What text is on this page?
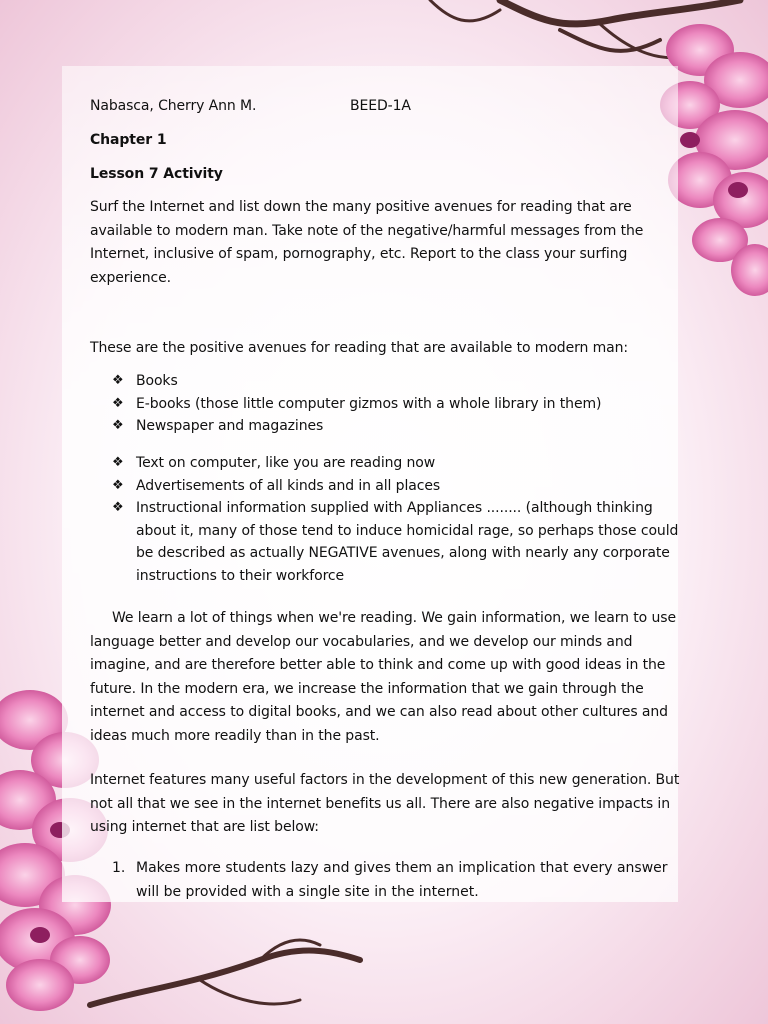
Nabasca, Cherry Ann M.	BEED-1A
Chapter 1
Lesson 7 Activity
Surf the Internet and list down the many positive avenues for reading that are available to modern man. Take note of the negative/harmful messages from the Internet, inclusive of spam, pornography, etc. Report to the class your surfing experience.
These are the positive avenues for reading that are available to modern man:
❖ Books
❖ E-books (those little computer gizmos with a whole library in them)
❖ Newspaper and magazines
❖ Text on computer, like you are reading now
❖ Advertisements of all kinds and in all places
❖ Instructional information supplied with Appliances ........ (although thinking about it, many of those tend to induce homicidal rage, so perhaps those could be described as actually NEGATIVE avenues, along with nearly any corporate instructions to their workforce
We learn a lot of things when we're reading. We gain information, we learn to use language better and develop our vocabularies, and we develop our minds and imagine, and are therefore better able to think and come up with good ideas in the future. In the modern era, we increase the information that we gain through the internet and access to digital books, and we can also read about other cultures and ideas much more readily than in the past.
Internet features many useful factors in the development of this new generation. But not all that we see in the internet benefits us all. There are also negative impacts in using internet that are list below:
1. Makes more students lazy and gives them an implication that every answer will be provided with a single site in the internet.
